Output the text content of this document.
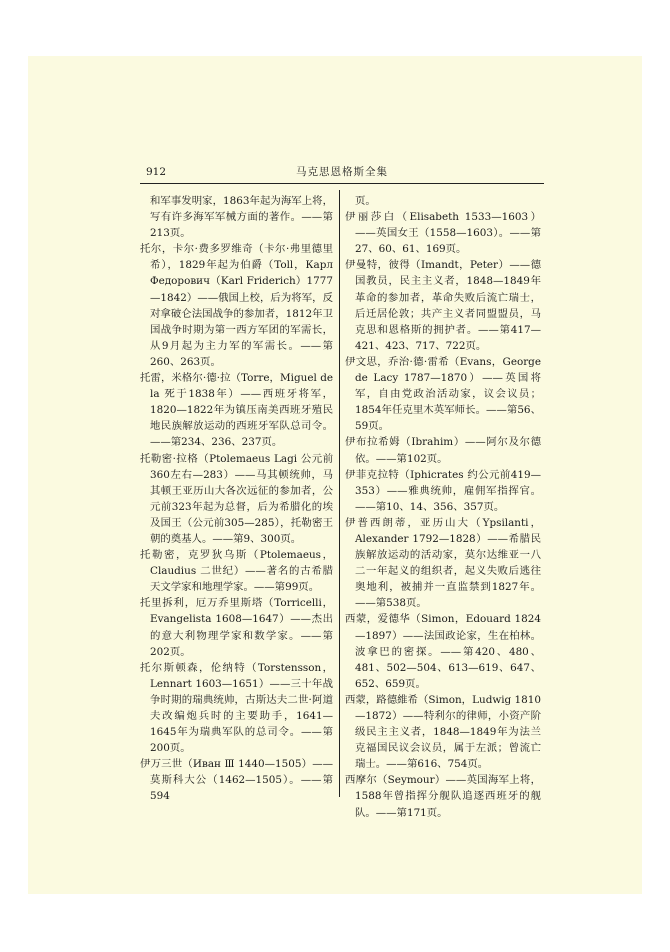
912	马克思恩格斯全集

和军事发明家，1863年起为海军上将，写有许多海军军械方面的著作。——第213页。

托尔，卡尔·费多罗维奇（卡尔·弗里德里希），1829年起为伯爵（Toll，Карл Федорович（Karl Friderich）1777—1842）——俄国上校，后为将军，反对拿破仑法国战争的参加者，1812年卫国战争时期为第一西方军团的军需长，从9月起为主力军的军需长。——第260、263页。

托雷，米格尔·德·拉（Torre，Miguel de la 死于1838年）——西班牙将军，1820—1822年为镇压南美西班牙殖民地民族解放运动的西班牙军队总司令。——第234、236、237页。

托勒密·拉格（Ptolemaeus Lagi 公元前360左右—283）——马其顿统帅，马其顿王亚历山大各次远征的参加者，公元前323年起为总督，后为希腊化的埃及国王（公元前305—285），托勒密王朝的奠基人。——第9、300页。

托勒密，克罗狄乌斯（Ptolemaeus，Claudius 二世纪）——著名的古希腊天文学家和地理学家。——第99页。

托里拆利，厄万乔里斯塔（Torricelli，Evangelista 1608—1647）——杰出的意大利物理学家和数学家。——第202页。

托尔斯顿森，伦纳特（Torstensson，Lennart 1603—1651）——三十年战争时期的瑞典统帅，古斯达夫二世·阿道夫改编炮兵时的主要助手，1641—1645年为瑞典军队的总司令。——第200页。

伊万三世（Иван Ⅲ 1440—1505）——莫斯科大公（1462—1505）。——第594

页。

伊丽莎白（Elisabeth 1533—1603）——英国女王（1558—1603）。——第27、60、61、169页。

伊曼特，彼得（Imandt，Peter）——德国教员，民主主义者，1848—1849年革命的参加者，革命失败后流亡瑞士，后迁居伦敦；共产主义者同盟盟员，马克思和恩格斯的拥护者。——第417—421、423、717、722页。

伊文思，乔治·德·雷希（Evans，George de Lacy 1787—1870）——英国将军，自由党政治活动家，议会议员；1854年任克里木英军师长。——第56、59页。

伊布拉希姆（Ibrahim）——阿尔及尔德依。——第102页。

伊菲克拉特（Iphicrates 约公元前419—353）——雅典统帅，雇佣军指挥官。——第10、14、356、357页。

伊普西朗蒂，亚历山大（Ypsilanti，Alexander 1792—1828）——希腊民族解放运动的活动家，莫尔达维亚一八二一年起义的组织者，起义失败后逃往奥地利，被捕并一直监禁到1827年。——第538页。

西蒙，爱德华（Simon，Edouard 1824—1897）——法国政论家，生在柏林。波拿巴的密探。——第420、480、481、502—504、613—619、647、652、659页。

西蒙，路德維希（Simon，Ludwig 1810—1872）——特利尔的律师，小资产阶级民主主义者，1848—1849年为法兰克福国民议会议员，属于左派；曾流亡瑞士。——第616、754页。

西摩尔（Seymour）——英国海军上将，1588年曾指挥分舰队追逐西班牙的舰队。——第171页。
